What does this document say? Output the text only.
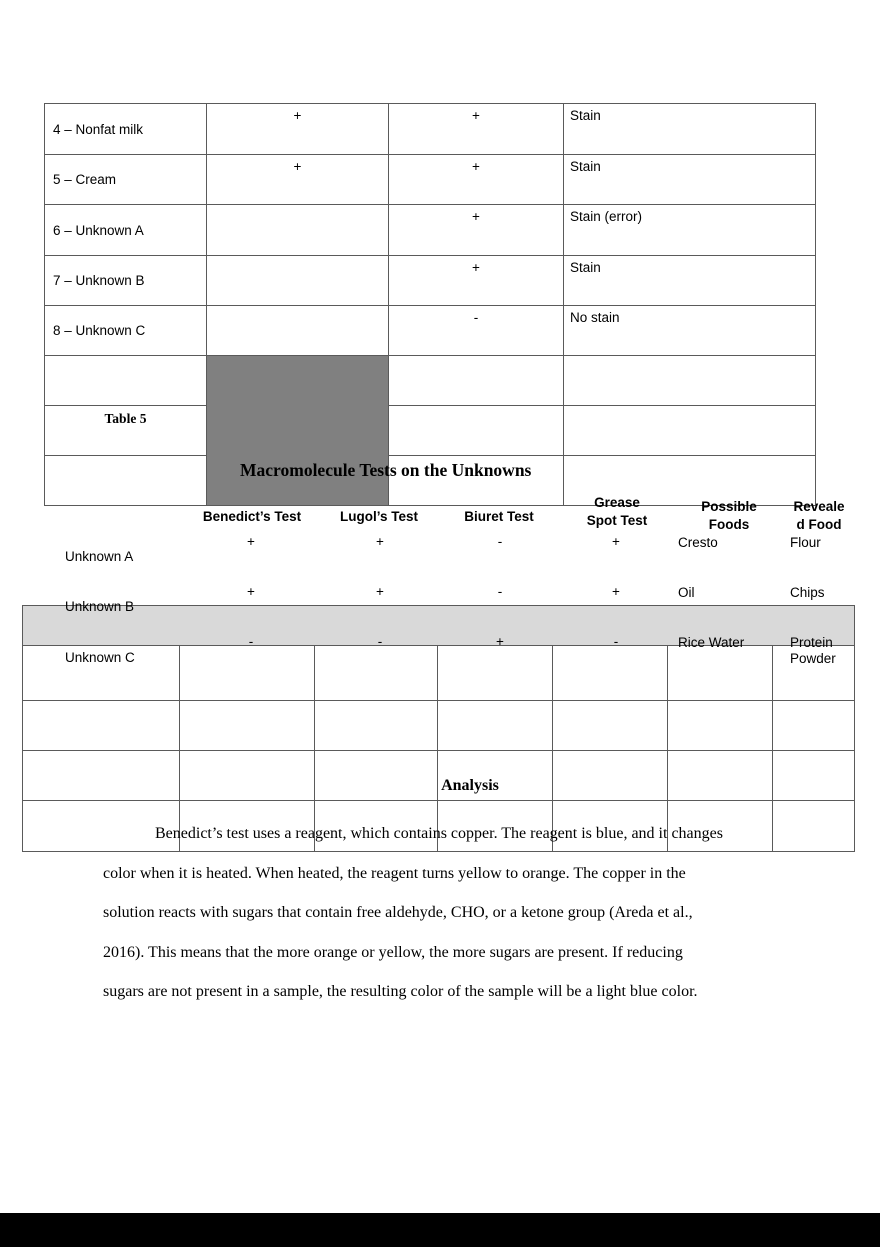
4 – Nonfat milk
+	+	Stain
5 – Cream
+	+	Stain
6 – Unknown A
+	Stain (error)
7 – Unknown B
+	Stain
8 – Unknown C
-	No stain
Table 5
Macromolecule Tests on the Unknowns
Benedict’s Test	Lugol’s Test	Biuret Test
Grease
Spot Test
Possible
Foods
Reveale
d Food
Unknown A
+	+	-	+	Cresto	Flour
Unknown B
+	+	-	+	Oil	Chips
Unknown C
-	-	+	-	Rice Water	Protein Powder
Analysis
Benedict’s test uses a reagent, which contains copper. The reagent is blue, and it changes
color when it is heated. When heated, the reagent turns yellow to orange. The copper in the
solution reacts with sugars that contain free aldehyde, CHO, or a ketone group (Areda et al.,
2016). This means that the more orange or yellow, the more sugars are present. If reducing
sugars are not present in a sample, the resulting color of the sample will be a light blue color.
